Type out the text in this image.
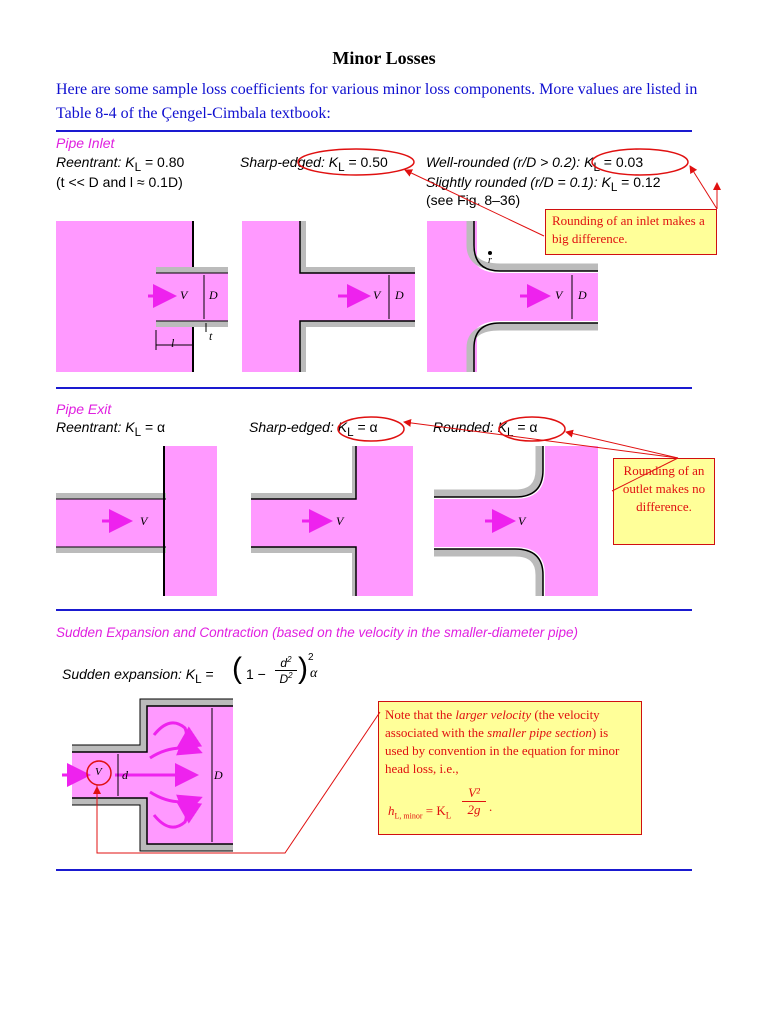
Minor Losses
Here are some sample loss coefficients for various minor loss components. More values are listed in Table 8-4 of the Çengel-Cimbala textbook:
Pipe Inlet
Reentrant: $K_L = 0.80$
(t << D and l ≈ 0.1D)
Sharp-edged: $K_L = 0.50$	Well-rounded (r/D > 0.2): $K_L = 0.03$
Slightly rounded (r/D = 0.1): $K_L = 0.12$
(see Fig. 8–36)
Rounding of an inlet makes a big difference.
Pipe Exit
Reentrant: $K_L = \alpha$	Sharp-edged: $K_L = \alpha$	Rounded: $K_L = \alpha$
Rounding of an outlet makes no difference.
Sudden Expansion and Contraction (based on the velocity in the smaller-diameter pipe)
Sudden expansion: $K_L$ =
Note that the larger velocity (the velocity associated with the smaller pipe section) is used by convention in the equation for minor head loss, i.e.,
$h_{L, minor} = K_L$
V²
2g .
V D
l	t
V D	V D
r
V	V	V
V d	D
( 1 −
$d^2$
$D^2$ ) 2
α
